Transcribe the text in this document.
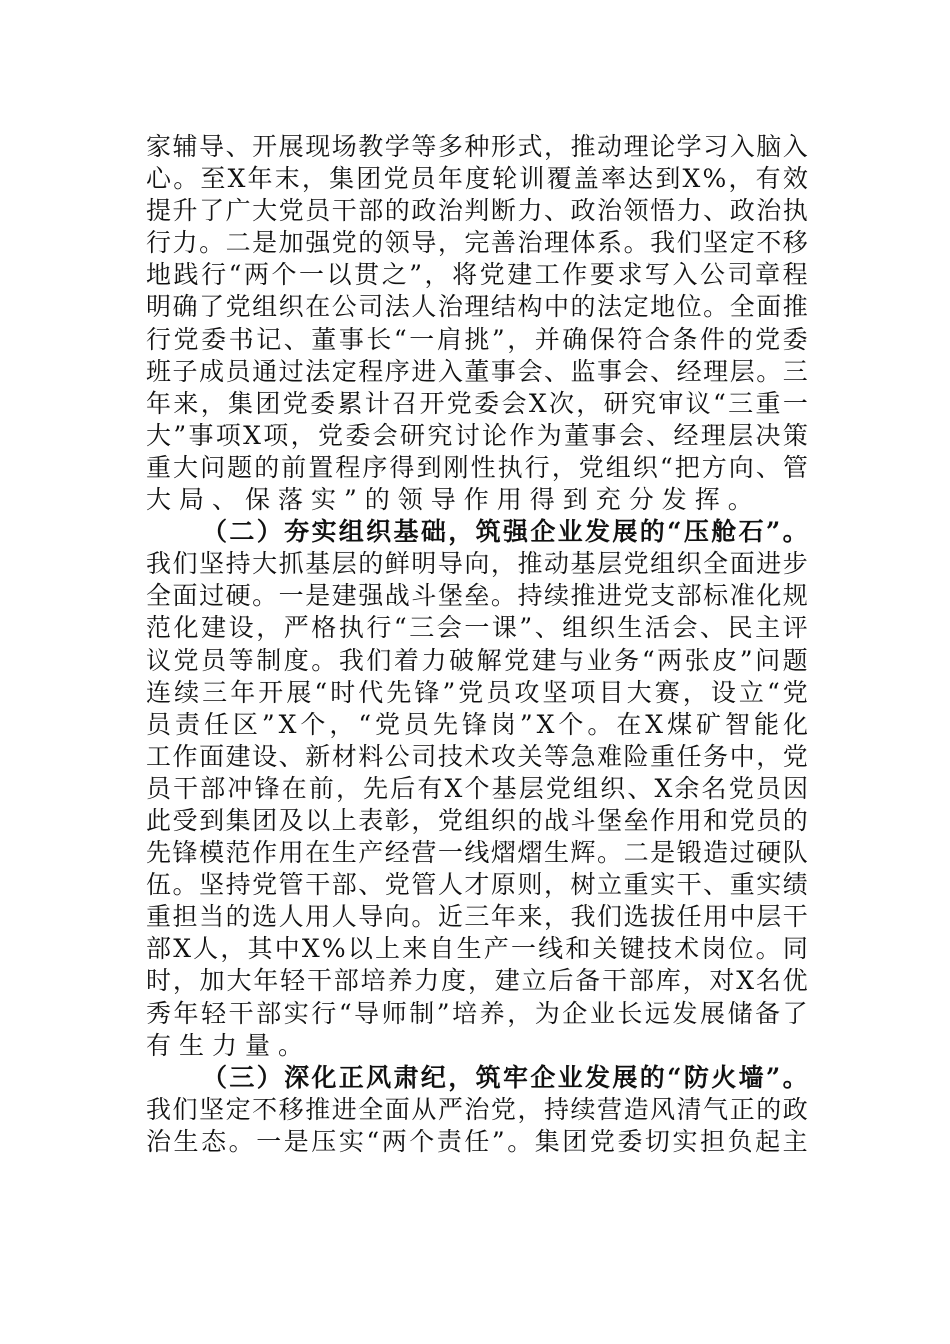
家 辅 导 、 开 展 现 场 教 学 等 多 种 形 式 ， 推 动 理 论 学 习 入 脑 入
心 。 至 X 年 末 ， 集 团 党 员 年 度 轮 训 覆 盖 率 达 到 X % ， 有 效
提 升 了 广 大 党 员 干 部 的 政 治 判 断 力 、 政 治 领 悟 力 、 政 治 执
行 力 。 二 是 加 强 党 的 领 导 ， 完 善 治 理 体 系 。 我 们 坚 定 不 移
地 践 行 “ 两 个 一 以 贯 之 ” ， 将 党 建 工 作 要 求 写 入 公 司 章 程
明 确 了 党 组 织 在 公 司 法 人 治 理 结 构 中 的 法 定 地 位 。 全 面 推
行 党 委 书 记 、 董 事 长 “ 一 肩 挑 ” ， 并 确 保 符 合 条 件 的 党 委
班 子 成 员 通 过 法 定 程 序 进 入 董 事 会 、 监 事 会 、 经 理 层 。 三
年 来 ， 集 团 党 委 累 计 召 开 党 委 会 X 次 ， 研 究 审 议 “ 三 重 一
大 ” 事 项 X 项 ， 党 委 会 研 究 讨 论 作 为 董 事 会 、 经 理 层 决 策
重 大 问 题 的 前 置 程 序 得 到 刚 性 执 行 ， 党 组 织 “ 把 方 向 、 管
大局、保落实”的领导作用得到充分发挥。
（ 二 ） 夯 实 组 织 基 础 ， 筑 强 企 业 发 展 的 “ 压 舱 石 ” 。
我 们 坚 持 大 抓 基 层 的 鲜 明 导 向 ， 推 动 基 层 党 组 织 全 面 进 步
全 面 过 硬 。 一 是 建 强 战 斗 堡 垒 。 持 续 推 进 党 支 部 标 准 化 规
范 化 建 设 ， 严 格 执 行 “ 三 会 一 课 ” 、 组 织 生 活 会 、 民 主 评
议 党 员 等 制 度 。 我 们 着 力 破 解 党 建 与 业 务 “ 两 张 皮 ” 问 题
连 续 三 年 开 展 “ 时 代 先 锋 ” 党 员 攻 坚 项 目 大 赛 ， 设 立 “ 党
员 责 任 区 ” X 个 ， “ 党 员 先 锋 岗 ” X 个 。 在 X 煤 矿 智 能 化
工 作 面 建 设 、 新 材 料 公 司 技 术 攻 关 等 急 难 险 重 任 务 中 ， 党
员 干 部 冲 锋 在 前 ， 先 后 有 X 个 基 层 党 组 织 、 X 余 名 党 员 因
此 受 到 集 团 及 以 上 表 彰 ， 党 组 织 的 战 斗 堡 垒 作 用 和 党 员 的
先 锋 模 范 作 用 在 生 产 经 营 一 线 熠 熠 生 辉 。 二 是 锻 造 过 硬 队
伍 。 坚 持 党 管 干 部 、 党 管 人 才 原 则 ， 树 立 重 实 干 、 重 实 绩
重 担 当 的 选 人 用 人 导 向 。 近 三 年 来 ， 我 们 选 拔 任 用 中 层 干
部 X 人 ， 其 中 X % 以 上 来 自 生 产 一 线 和 关 键 技 术 岗 位 。 同
时 ， 加 大 年 轻 干 部 培 养 力 度 ， 建 立 后 备 干 部 库 ， 对 X 名 优
秀 年 轻 干 部 实 行 “ 导 师 制 ” 培 养 ， 为 企 业 长 远 发 展 储 备 了
有生力量。
（ 三 ） 深 化 正 风 肃 纪 ， 筑 牢 企 业 发 展 的 “ 防 火 墙 ” 。
我 们 坚 定 不 移 推 进 全 面 从 严 治 党 ， 持 续 营 造 风 清 气 正 的 政
治 生 态 。 一 是 压 实 “ 两 个 责 任 ” 。 集 团 党 委 切 实 担 负 起 主
